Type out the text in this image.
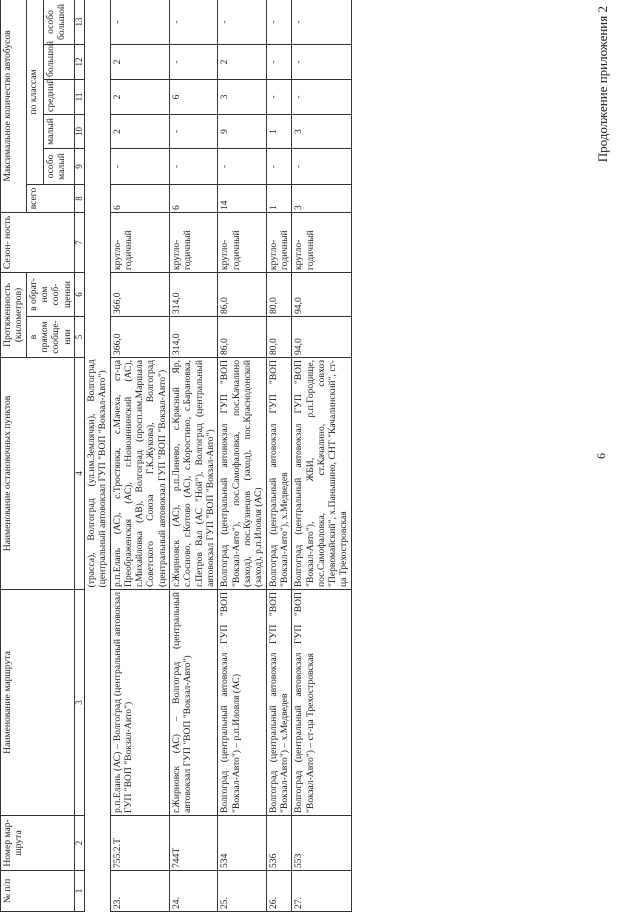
№ п/п	Номер мар- шрута	Наименование маршрута	Наименование остановочных пунктов	Протяженность (километров)		Сезон- ность	Максимальное количество автобусов					
				в прямом сообще- нии	в обрат- ном сооб- щении		всего	по классам				
								особо малый	малый	средний	большой	особо большой
1	2	3	4	5	6	7	8	9	10	11	12	13
			(трасса), Волгоград (ул.им.Землячки), Волгоград (центральный автовокзал ГУП "ВОП "Вокзал-Авто")									
23.	755.2.Т	р.п.Елань (АС) – Волгоград (центральный автовокзал ГУП "ВОП "Вокзал-Авто")	р.п.Елань (АС), с.Тростянка, с.Мачеха, ст-ца Преображенская (АС), г.Новоаннинский (АС), г.Михайловка (АВ), Волгоград (просп.им.Маршала Советского Союза Г.К.Жукова), Волгоград (центральный автовокзал ГУП "ВОП "Вокзал-Авто")	366,0	366,0	кругло- годичный	6	-	2	2	2	-
24.	744Т	г.Жирновск (АС) – Волгоград (центральный автовокзал ГУП "ВОП "Вокзал-Авто")	г.Жирновск (АС), р.п.Линево, с.Красный Яр, с.Сосново, г.Котово (АС), с.Коростино, с.Барановка, г.Петров Вал (АС "Ной"), Волгоград (центральный автовокзал ГУП "ВОП "Вокзал-Авто")	314,0	314,0	кругло- годичный	6	-	-	6	-	-
25.	534	Волгоград (центральный автовокзал ГУП "ВОП "Вокзал-Авто") – р.п.Иловля (АС)	Волгоград (центральный автовокзал ГУП "ВОП "Вокзал-Авто"), пос.Самофаловка, пос.Качалино (заход), пос.Кузнецов (заход), пос.Краснодонской (заход), р.п.Иловля (АС)	86,0	86,0	кругло- годичный	14	-	9	3	2	-
26.	536	Волгоград (центральный автовокзал ГУП "ВОП "Вокзал-Авто") – х.Медведев	Волгоград (центральный автовокзал ГУП "ВОП "Вокзал-Авто"), х.Медведев	80,0	80,0	кругло- годичный	1	-	1	-	-	-
27.	553	Волгоград (центральный автовокзал ГУП "ВОП "Вокзал-Авто") – ст-ца Трехостровская	Волгоград (центральный автовокзал ГУП "ВОП "Вокзал-Авто"), ЖБИ, р.п.Городище, пос.Самофаловка, ст.Качалино, совхоз "Первомайский", х.Паньшино, СНТ "Качалинский", ст-ца Трехостровская	94,0	94,0	кругло- годичный	3	-	3	-	-	-
6
Продолжение приложения 2
